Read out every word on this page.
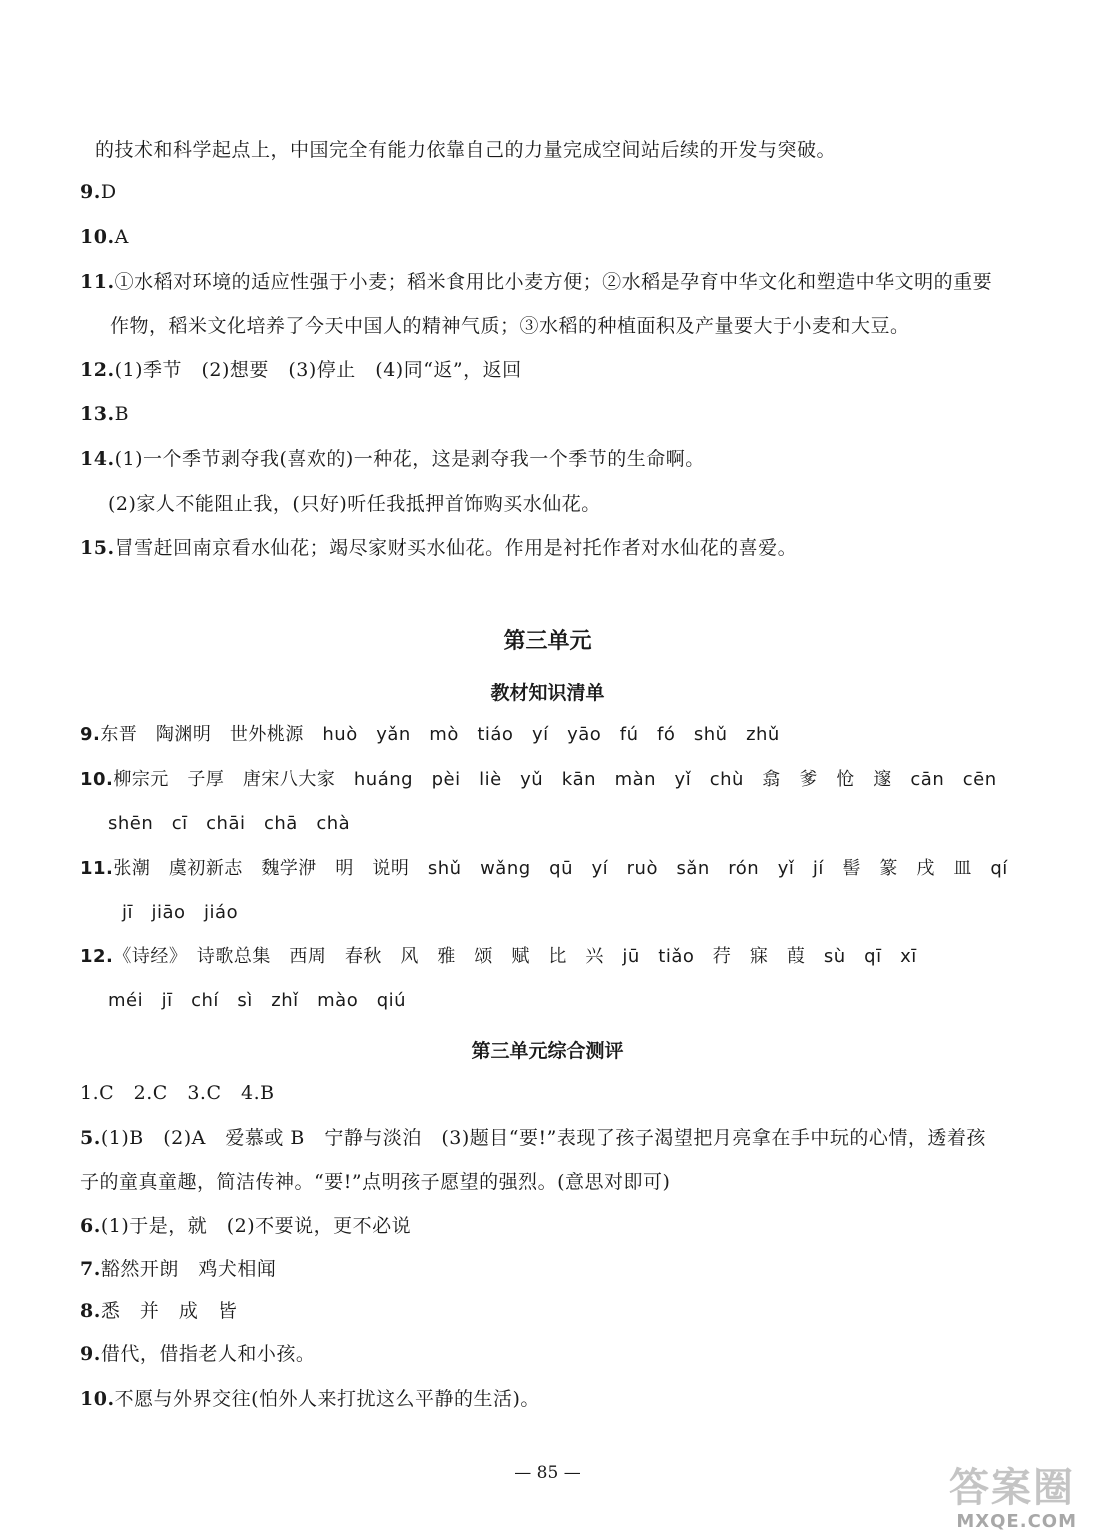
的技术和科学起点上，中国完全有能力依靠自己的力量完成空间站后续的开发与突破。
9.D
10.A
11.①水稻对环境的适应性强于小麦；稻米食用比小麦方便；②水稻是孕育中华文化和塑造中华文明的重要
作物，稻米文化培养了今天中国人的精神气质；③水稻的种植面积及产量要大于小麦和大豆。
12.(1)季节　(2)想要　(3)停止　(4)同“返”，返回
13.B
14.(1)一个季节剥夺我(喜欢的)一种花，这是剥夺我一个季节的生命啊。
(2)家人不能阻止我，(只好)听任我抵押首饰购买水仙花。
15.冒雪赶回南京看水仙花；竭尽家财买水仙花。作用是衬托作者对水仙花的喜爱。
第三单元
教材知识清单
9.东晋　陶渊明　世外桃源　huò　yǎn　mò　tiáo　yí　yāo　fú　fó　shǔ　zhǔ
10.柳宗元　子厚　唐宋八大家　huáng　pèi　liè　yǔ　kān　màn　yǐ　chù　翕　爹　怆　邃　cān　cēn
shēn　cī　chāi　chā　chà
11.张潮　虞初新志　魏学洢　明　说明　shǔ　wǎng　qū　yí　ruò　sǎn　rón　yǐ　jí　髻　篆　戌　皿　qí
jī　jiāo　jiáo
12.《诗经》　诗歌总集　西周　春秋　风　雅　颂　赋　比　兴　jū　tiǎo　荇　寐　葭　sù　qī　xī
méi　jī　chí　sì　zhǐ　mào　qiú
第三单元综合测评
1.C　2.C　3.C　4.B
5.(1)B　(2)A　爱慕或 B　宁静与淡泊　(3)题目“要!”表现了孩子渴望把月亮拿在手中玩的心情，透着孩
子的童真童趣，简洁传神。“要!”点明孩子愿望的强烈。(意思对即可)
6.(1)于是，就　(2)不要说，更不必说
7.豁然开朗　鸡犬相闻
8.悉　并　成　皆
9.借代，借指老人和小孩。
10.不愿与外界交往(怕外人来打扰这么平静的生活)。
— 85 —	答案圈
MXQE.COM
